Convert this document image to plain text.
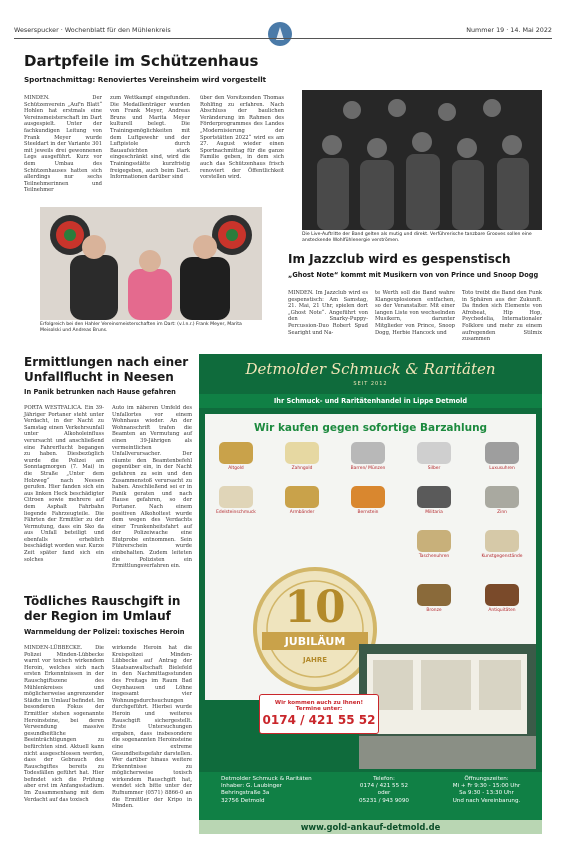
Weserspucker · Wochenblatt für den Mühlenkreis	Nummer 19 · 14. Mai 2022
Dartpfeile im Schützenhaus
Sportnachmittag: Renoviertes Vereinsheim wird vorgestellt
MINDEN. Der Schützenverein „Auf'n Blatt“ Hohlen hat erstmals eine Vereinsmeisterschaft im Dart ausgespielt. Unter der fachkundigen Leitung von Frank Meyer wurde Steeldart in der Variante 301 mit jeweils drei gewonnenen Legs ausgeführt. Kurz vor dem Umbau des Schützenhauses hatten sich allerdings nur sechs Teilnehmerinnen und Teilnehmer
zum Wettkampf eingefunden. Die Medaillenträger wurden von Frank Meyer, Andreas Bruns und Marita Meyer kulturell belegt. Die Trainingsmöglichkeiten mit dem Luftgewehr und der Luftpistole durch Bauaufsichten stark eingeschränkt sind, wird die Trainingsstätte kurzfristig freigegeben, auch beim Dart. Informationen darüber sind
über den Vorsitzenden Thomas Rohlfing zu erfahren. Nach Abschluss der baulichen Veränderung im Rahmen des Förderprogrammes des Landes „Modernisierung der Sportstätten 2022“ wird es am 27. August wieder einen Sportnachmittag für die ganze Familie geben, in dem sich auch das Schützenhaus frisch renoviert der Öffentlichkeit vorstellen wird.
Erfolgreich bei den Hahler Vereinsmeisterschaften im Dart: (v.l.n.r.) Frank Meyer, Marita Meisolski und Andreas Bruns.
Die Live-Auftritte der Band gelten als mutig und direkt. Verführerische tanzbare Grooves sollen eine ansteckende Wohlfühlenergie verströmen.
Im Jazzclub wird es gespenstisch
„Ghost Note“ kommt mit Musikern von von Prince und Snoop Dogg
MINDEN. Im Jazzclub wird es gespenstisch: Am Samstag, 21. Mai, 21 Uhr, spielen dort „Ghost Note“. Angeführt von den Snarky-Puppy-Percussion-Duo Robert Spud Searight und Na-
te Werth soll die Band wahre Klangexplosionen entfachen, so der Veranstalter. Mit einer langen Liste von wechselnden Musikern, darunter Mitglieder von Prince, Snoop Dogg, Herbie Hancock und
Toto treibt die Band den Funk in Sphären aus der Zukunft. Da finden sich Elemente von Afrobeat, Hip Hop, Psychedelia, Internationaler Folklore und mehr zu einem aufregenden Stilmix zusammen
Ermittlungen nach einer Unfallflucht in Neesen
In Panik betrunken nach Hause gefahren
PORTA WESTFALICA. Ein 39-Jähriger Portaner steht unter Verdacht, in der Nacht zu Samstag einen Verkehrsunfall unter Alkoholeinfluss verursacht und anschließend eine Fahrerflucht begangen zu haben. Diesbezüglich wurde die Polizei am Sonntagmorgen (7. Mai) in die Straße „Unter dem Holzweg“ nach Neesen gerufen. Hier fanden sich ein aus linken Heck beschädigter Citroen sowie mehrere auf dem Asphalt Fahrbahn liegende Fahrzeugteile. Die Fährten der Ermittler zu der Vermutung, dass ein Sko da aus Unfall beteiligt und ebenfalls erheblich beschädigt worden war. Kurze Zeit später fand sich ein solches
Auto im näheren Umfeld des Unfallortes vor einem Wohnhaus wieder. An der Wohnanschrift trafen die Beamten an Vermutung auf einen 39-Jährigen als vermeintlichen Unfallverursacher. Der räumte den Beamtenbefehl gegenüber ein, in der Nacht gefahren zu sein und den Zusammenstoß verursacht zu haben. Anschließend sei er in Panik geraten und nach Hause gefahren, so der Portaner. Nach einem positiven Alkoholtest wurde dem wegen des Verdachts einer Trunkenheitsfahrt auf der Polizeiwache eine Blutprobe entnommen. Sein Führerschein wurde einbehalten. Zudem leiteten die Polizisten ein Ermittlungsverfahren ein.
Tödliches Rauschgift in der Region im Umlauf
Warnmeldung der Polizei: toxisches Heroin
MINDEN-LÜBBECKE. Die Polizei Minden-Lübbecke warnt vor toxisch wirkendem Heroin, welches sich nach ersten Erkenntnissen in der Rauschgiftszene des Mühlenkreises und möglicherweise angrenzender Städte im Umlauf befindet. Im besonderen Fokus der Ermittler stehen sogenannte Heroinsteine, bei deren Verwendung massive gesundheitliche Beeinträchtigungen zu befürchten sind. Aktuell kann nicht ausgeschlossen werden, dass der Gebrauch des Rauschgiftes bereits zu Todesfällen geführt hat. Hier befindet sich die Prüfung aber erst im Anfangsstadium. Im Zusammenhang mit dem Verdacht auf das toxisch
wirkende Heroin hat die Kreispolizei Minden-Lübbecke auf Antrag der Staatsanwaltschaft Bielefeld in den Nachmittagsstunden des Freitags im Raum Bad Oeynhausen und Löhne insgesamt vier Wohnungsdurchsuchungen durchgeführt. Hierbei wurde Heroin und weiteres Rauschgift sichergestellt. Erste Untersuchungen ergaben, dass insbesondere die sogenannten Heroinsteine eine extreme Gesundheitsgefahr darstellen. Wer darüber hinaus weitere Erkenntnisse zu möglicherweise toxisch wirkendem Rauschgift hat, wendet sich bitte unter der Rufnummer (0571) 8866-0 an die Ermittler der Kripo in Minden.
Detmolder Schmuck & Raritäten
SEIT 2012
Ihr Schmuck- und Raritätenhandel in Lippe Detmold
Wir kaufen gegen sofortige Barzahlung
Altgold	Zahngold	Barren/ Münzen	Silber	Luxusuhren
Edelsteinschmuck	Armbänder	Bernstein	Militaria	Zinn
Taschenuhren	Kunstgegenstände
Bronze	Antiquitäten
10
JUBILÄUM
JAHRE
Wir kommen auch zu Ihnen!
Termine unter:
0174 / 421 55 52
Detmolder Schmuck & Raritäten
Inhaber: G. Laubinger
Behringstraße 3a
32756 Detmold
Telefon:
0174 / 421 55 52
oder
05231 / 943 9090
Öffnungszeiten:
Mi + Fr 9:30 - 15:00 Uhr
Sa 9:30 - 13:30 Uhr
Und nach Vereinbarung.
www.gold-ankauf-detmold.de
